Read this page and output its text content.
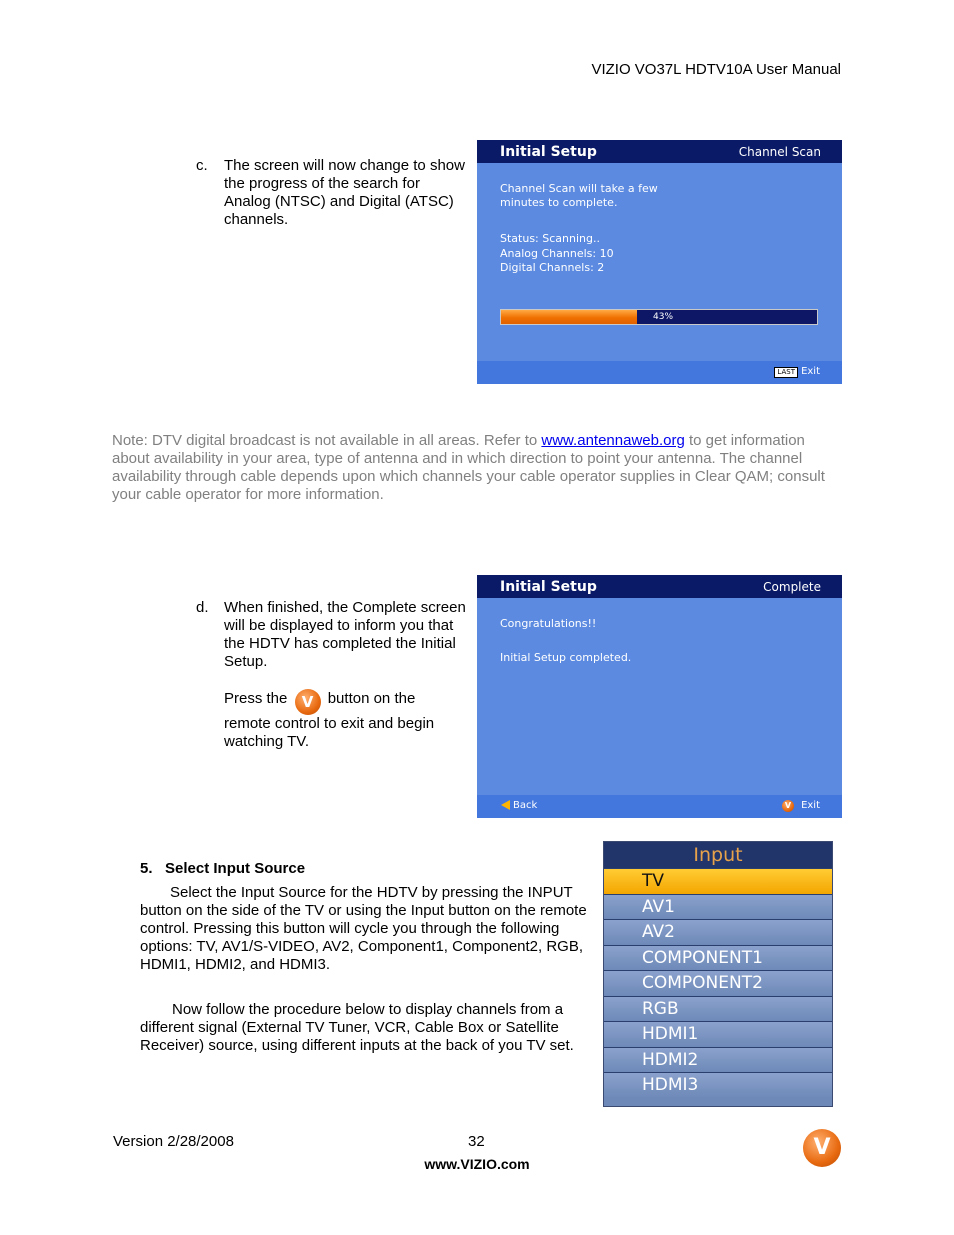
VIZIO VO37L HDTV10A User Manual
c. The screen will now change to show the progress of the search for Analog (NTSC) and Digital (ATSC) channels.
Initial Setup	Channel Scan
Channel Scan will take a few
minutes to complete.
Status: Scanning..
Analog Channels: 10
Digital Channels: 2
43%
LAST Exit
Note: DTV digital broadcast is not available in all areas. Refer to www.antennaweb.org to get information about availability in your area, type of antenna and in which direction to point your antenna. The channel availability through cable depends upon which channels your cable operator supplies in Clear QAM; consult your cable operator for more information.
d. When finished, the Complete screen will be displayed to inform you that the HDTV has completed the Initial Setup.
Press the V button on the remote control to exit and begin watching TV.
Initial Setup	Complete
Congratulations!!
Initial Setup completed.
Back	V Exit
5.   Select Input Source
Select the Input Source for the HDTV by pressing the INPUT button on the side of the TV or using the Input button on the remote control. Pressing this button will cycle you through the following options: TV, AV1/S-VIDEO, AV2, Component1, Component2, RGB, HDMI1, HDMI2, and HDMI3.
Now follow the procedure below to display channels from a different signal (External TV Tuner, VCR, Cable Box or Satellite Receiver) source, using different inputs at the back of you TV set.
Input
TV
AV1
AV2
COMPONENT1
COMPONENT2
RGB
HDMI1
HDMI2
HDMI3
Version 2/28/2008	32
www.VIZIO.com
V
